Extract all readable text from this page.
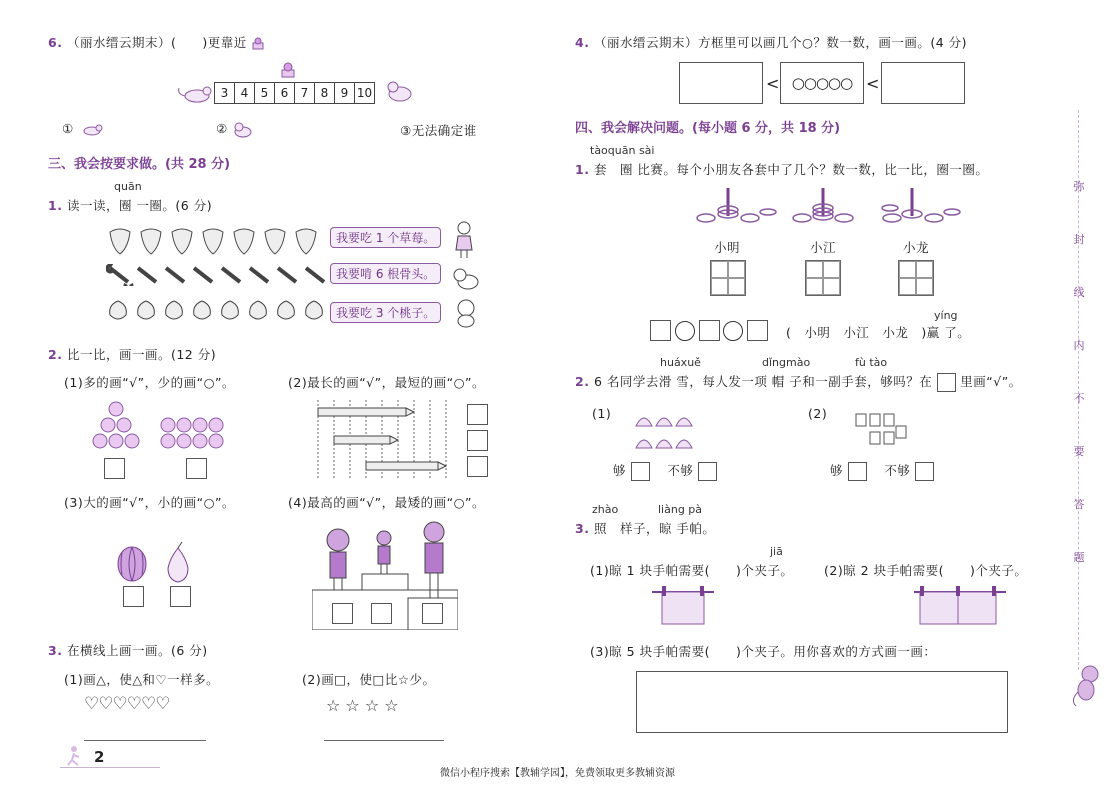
6. （丽水缙云期末）(　　)更靠近
3 4 5 6 7 8 9 10
①	②	③无法确定谁
三、我会按要求做。(共 28 分)
quān
1. 读一读，圈 一圈。(6 分)
我要吃 1 个草莓。
我要啃 6 根骨头。
我要吃 3 个桃子。
2. 比一比，画一画。(12 分)
(1)多的画“√”，少的画“○”。	(2)最长的画“√”，最短的画“○”。
(3)大的画“√”，小的画“○”。	(4)最高的画“√”，最矮的画“○”。
3. 在横线上画一画。(6 分)
(1)画△，使△和♡一样多。	(2)画□，使□比☆少。
♡♡♡♡♡♡	☆ ☆ ☆ ☆
2
4. （丽水缙云期末）方框里可以画几个○？数一数，画一画。(4 分)
< ○○○○○ <
四、我会解决问题。(每小题 6 分，共 18 分)
tàoquān sài
1. 套　圈 比赛。每个小朋友各套中了几个？数一数，比一比，圈一圈。
小明	小江	小龙
yíng

(　小明　小江　小龙　)赢 了。
huáxuě	dǐngmào	fù tào
2. 6 名同学去滑 雪，每人发一项 帽 子和一副手套，够吗？在 里画“√”。
(1)	(2)
够	不够	够	不够
zhào	liàng pà
3. 照　样子，晾 手帕。
jiā
(1)晾 1 块手帕需要(　　)个夹子。 (2)晾 2 块手帕需要(　　)个夹子。
(3)晾 5 块手帕需要(　　)个夹子。用你喜欢的方式画一画：
弥
封
线
内
不
要
答
题
微信小程序搜索【教辅学园】，免费领取更多教辅资源
